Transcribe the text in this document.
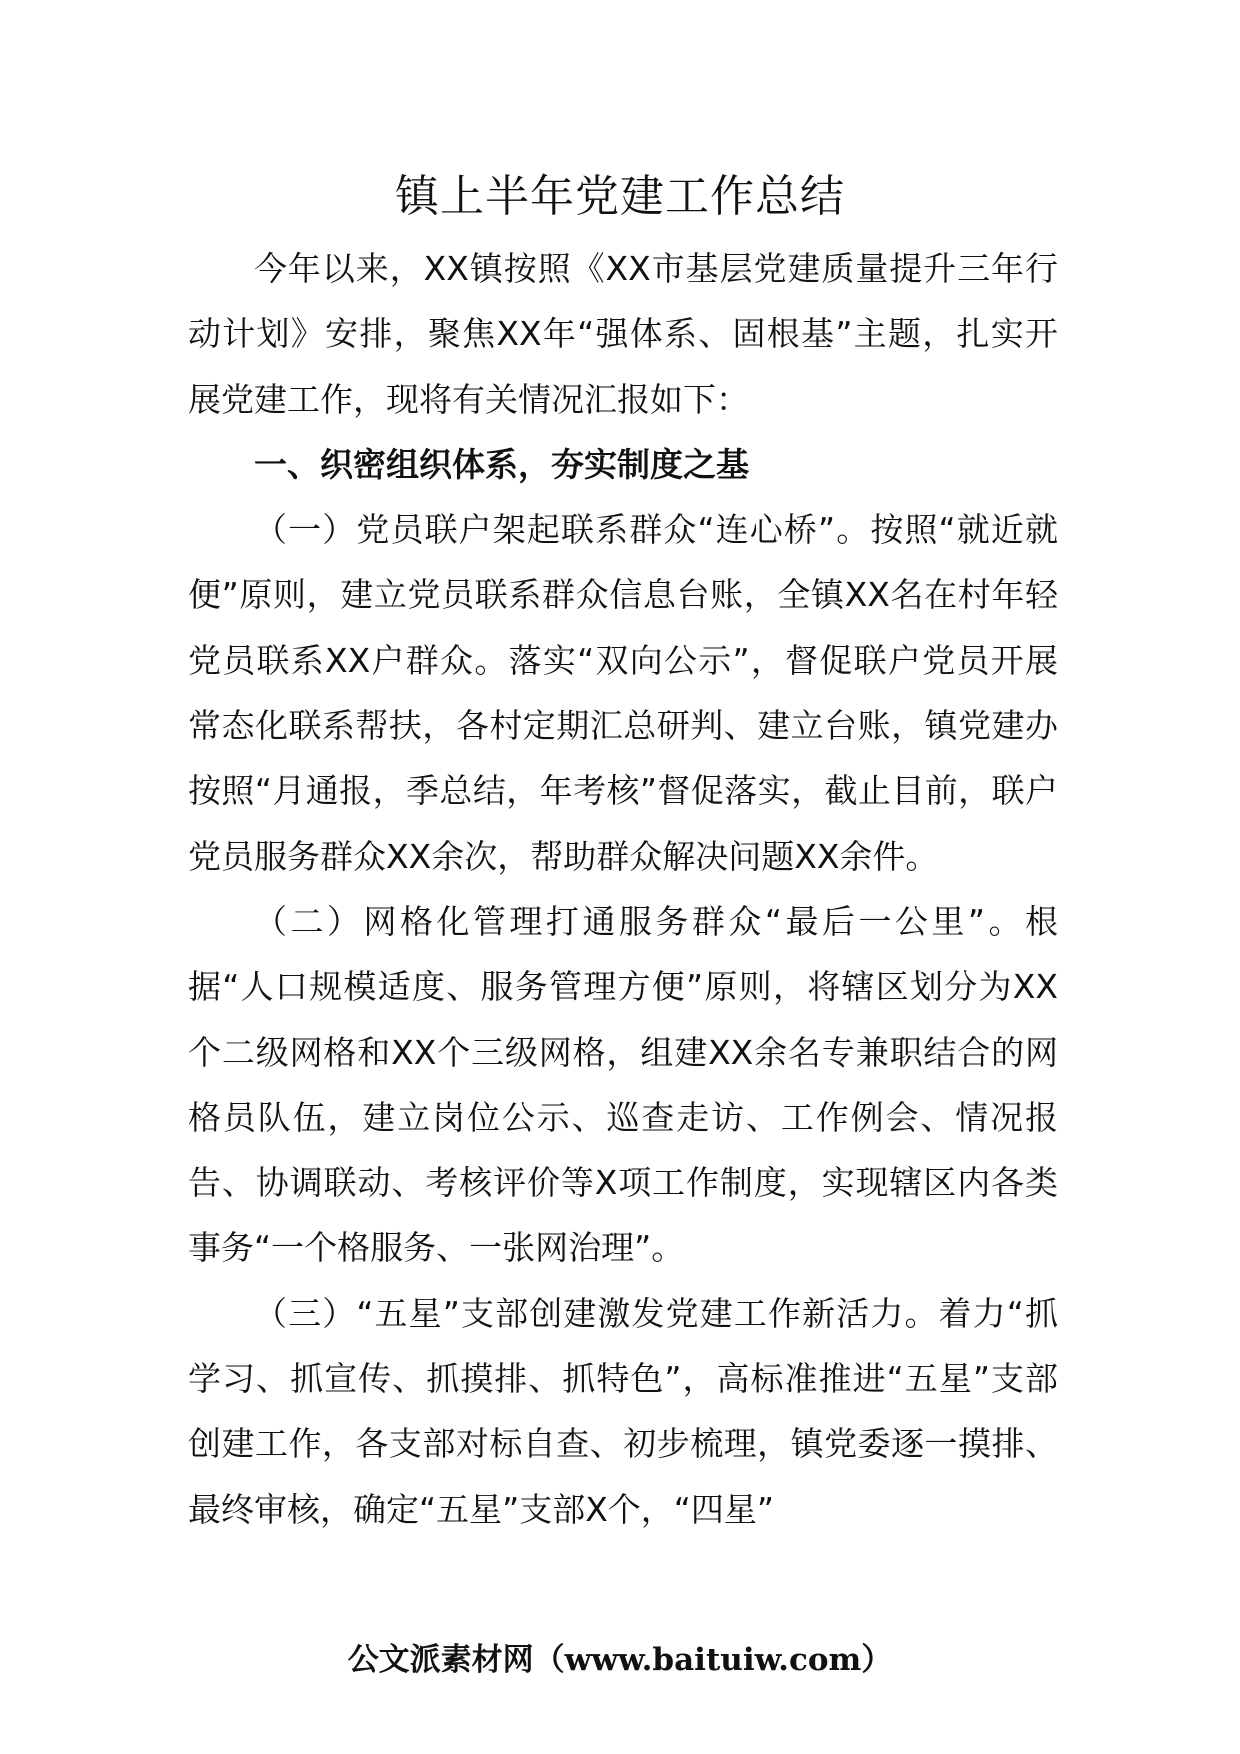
镇上半年党建工作总结

今年以来，XX镇按照《XX市基层党建质量提升三年行动计划》安排，聚焦XX年“强体系、固根基”主题，扎实开展党建工作，现将有关情况汇报如下：

一、织密组织体系，夯实制度之基

（一）党员联户架起联系群众“连心桥”。按照“就近就便”原则，建立党员联系群众信息台账，全镇XX名在村年轻党员联系XX户群众。落实“双向公示”，督促联户党员开展常态化联系帮扶，各村定期汇总研判、建立台账，镇党建办按照“月通报，季总结，年考核”督促落实，截止目前，联户党员服务群众XX余次，帮助群众解决问题XX余件。

（二）网格化管理打通服务群众“最后一公里”。根据“人口规模适度、服务管理方便”原则，将辖区划分为XX个二级网格和XX个三级网格，组建XX余名专兼职结合的网格员队伍，建立岗位公示、巡查走访、工作例会、情况报告、协调联动、考核评价等X项工作制度，实现辖区内各类事务“一个格服务、一张网治理”。

（三）“五星”支部创建激发党建工作新活力。着力“抓学习、抓宣传、抓摸排、抓特色”，高标准推进“五星”支部创建工作，各支部对标自查、初步梳理，镇党委逐一摸排、最终审核，确定“五星”支部X个，“四星”

公文派素材网（www.baituiw.com）
